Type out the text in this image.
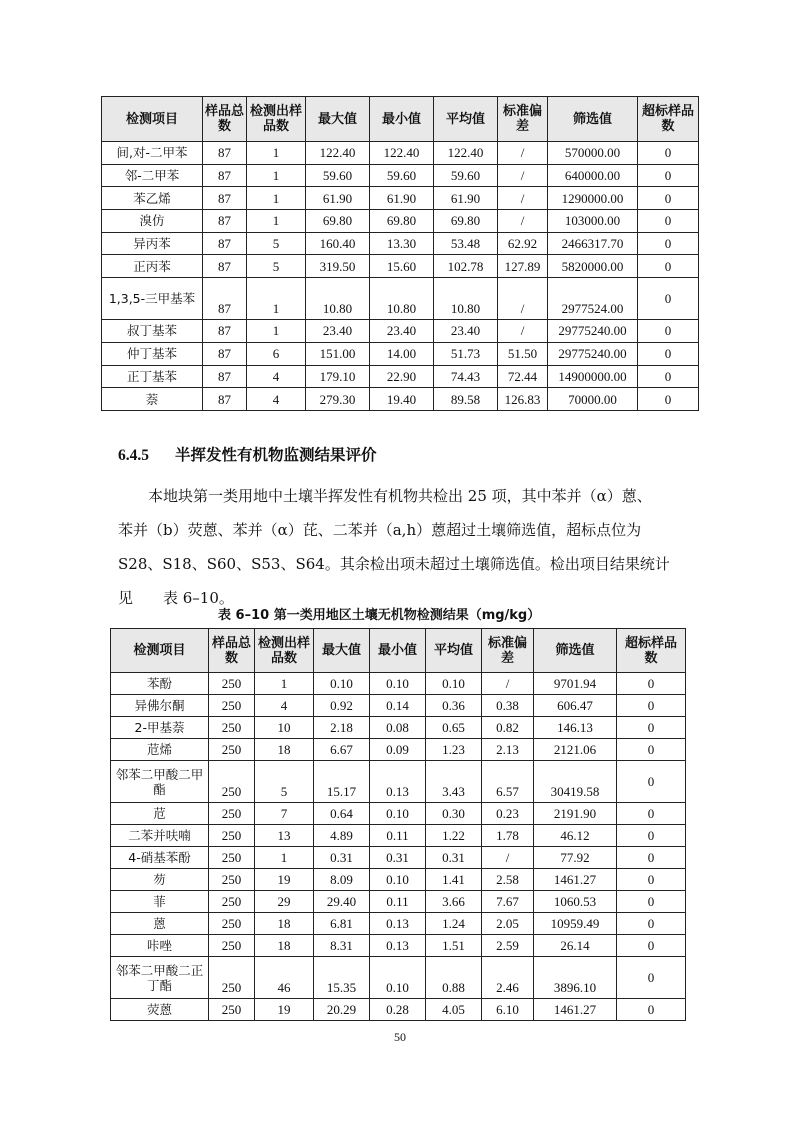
检测项目	样品总数	检测出样品数	最大值	最小值	平均值	标准偏差	筛选值	超标样品数
间,对-二甲苯	87	1	122.40	122.40	122.40	/	570000.00	0
邻-二甲苯	87	1	59.60	59.60	59.60	/	640000.00	0
苯乙烯	87	1	61.90	61.90	61.90	/	1290000.00	0
溴仿	87	1	69.80	69.80	69.80	/	103000.00	0
异丙苯	87	5	160.40	13.30	53.48	62.92	2466317.70	0
正丙苯	87	5	319.50	15.60	102.78	127.89	5820000.00	0
1,3,5-三甲基苯	87	1	10.80	10.80	10.80	/	2977524.00	0
叔丁基苯	87	1	23.40	23.40	23.40	/	29775240.00	0
仲丁基苯	87	6	151.00	14.00	51.73	51.50	29775240.00	0
正丁基苯	87	4	179.10	22.90	74.43	72.44	14900000.00	0
萘	87	4	279.30	19.40	89.58	126.83	70000.00	0
6.4.5 半挥发性有机物监测结果评价
本地块第一类用地中土壤半挥发性有机物共检出 25 项，其中苯并（α）蒽、
苯并（b）荧蒽、苯并（α）芘、二苯并（a,h）蒽超过土壤筛选值，超标点位为
S28、S18、S60、S53、S64。其余检出项未超过土壤筛选值。检出项目结果统计
见　　表 6–10。
表 6–10 第一类用地区土壤无机物检测结果（mg/kg）
检测项目	样品总数	检测出样品数	最大值	最小值	平均值	标准偏差	筛选值	超标样品数
苯酚	250	1	0.10	0.10	0.10	/	9701.94	0
异佛尔酮	250	4	0.92	0.14	0.36	0.38	606.47	0
2-甲基萘	250	10	2.18	0.08	0.65	0.82	146.13	0
苊烯	250	18	6.67	0.09	1.23	2.13	2121.06	0
邻苯二甲酸二甲酯	250	5	15.17	0.13	3.43	6.57	30419.58	0
苊	250	7	0.64	0.10	0.30	0.23	2191.90	0
二苯并呋喃	250	13	4.89	0.11	1.22	1.78	46.12	0
4-硝基苯酚	250	1	0.31	0.31	0.31	/	77.92	0
芴	250	19	8.09	0.10	1.41	2.58	1461.27	0
菲	250	29	29.40	0.11	3.66	7.67	1060.53	0
蒽	250	18	6.81	0.13	1.24	2.05	10959.49	0
咔唑	250	18	8.31	0.13	1.51	2.59	26.14	0
邻苯二甲酸二正丁酯	250	46	15.35	0.10	0.88	2.46	3896.10	0
荧蒽	250	19	20.29	0.28	4.05	6.10	1461.27	0
50
